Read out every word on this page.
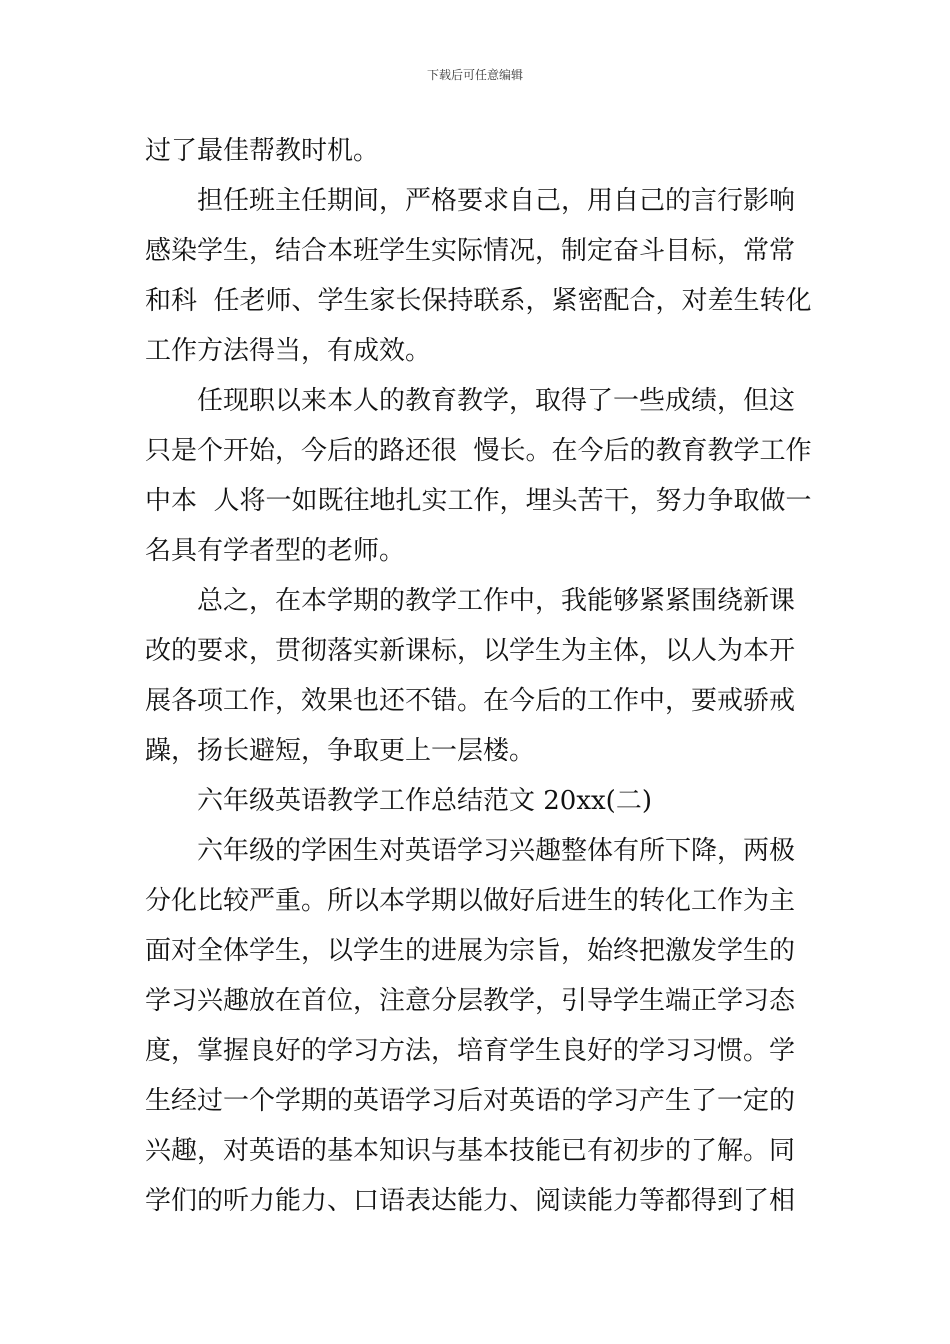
下载后可任意编辑
过了最佳帮教时机。
担任班主任期间，严格要求自己，用自己的言行影响
感染学生，结合本班学生实际情况，制定奋斗目标，常常
和科  任老师、学生家长保持联系，紧密配合，对差生转化
工作方法得当，有成效。
任现职以来本人的教育教学，取得了一些成绩，但这
只是个开始，今后的路还很  慢长。在今后的教育教学工作
中本  人将一如既往地扎实工作，埋头苦干，努力争取做一
名具有学者型的老师。
总之，在本学期的教学工作中，我能够紧紧围绕新课
改的要求，贯彻落实新课标，以学生为主体，以人为本开
展各项工作，效果也还不错。在今后的工作中，要戒骄戒
躁，扬长避短，争取更上一层楼。
六年级英语教学工作总结范文 20xx(二)
六年级的学困生对英语学习兴趣整体有所下降，两极
分化比较严重。所以本学期以做好后进生的转化工作为主
面对全体学生，以学生的进展为宗旨，始终把激发学生的
学习兴趣放在首位，注意分层教学，引导学生端正学习态
度，掌握良好的学习方法，培育学生良好的学习习惯。学
生经过一个学期的英语学习后对英语的学习产生了一定的
兴趣，对英语的基本知识与基本技能已有初步的了解。同
学们的听力能力、口语表达能力、阅读能力等都得到了相
